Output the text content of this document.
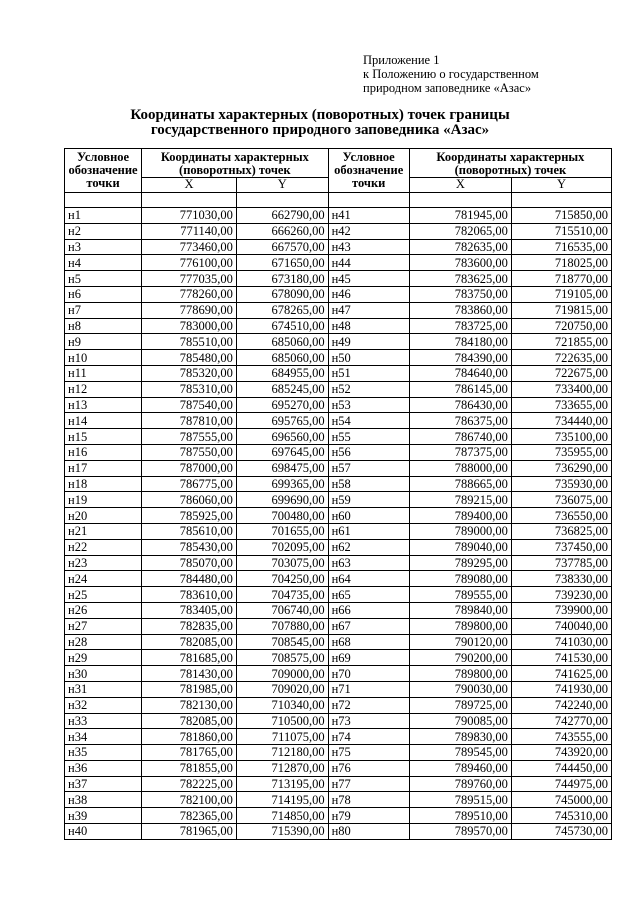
Приложение 1
к Положению о государственном
природном заповеднике «Азас»
Координаты характерных (поворотных) точек границы
государственного природного заповедника «Азас»
Условное обозначение точки	Координаты характерных (поворотных) точек		Условное обозначение точки	Координаты характерных (поворотных) точек	
	X	Y		X	Y

н1	771030,00	662790,00	н41	781945,00	715850,00
н2	771140,00	666260,00	н42	782065,00	715510,00
н3	773460,00	667570,00	н43	782635,00	716535,00
н4	776100,00	671650,00	н44	783600,00	718025,00
н5	777035,00	673180,00	н45	783625,00	718770,00
н6	778260,00	678090,00	н46	783750,00	719105,00
н7	778690,00	678265,00	н47	783860,00	719815,00
н8	783000,00	674510,00	н48	783725,00	720750,00
н9	785510,00	685060,00	н49	784180,00	721855,00
н10	785480,00	685060,00	н50	784390,00	722635,00
н11	785320,00	684955,00	н51	784640,00	722675,00
н12	785310,00	685245,00	н52	786145,00	733400,00
н13	787540,00	695270,00	н53	786430,00	733655,00
н14	787810,00	695765,00	н54	786375,00	734440,00
н15	787555,00	696560,00	н55	786740,00	735100,00
н16	787550,00	697645,00	н56	787375,00	735955,00
н17	787000,00	698475,00	н57	788000,00	736290,00
н18	786775,00	699365,00	н58	788665,00	735930,00
н19	786060,00	699690,00	н59	789215,00	736075,00
н20	785925,00	700480,00	н60	789400,00	736550,00
н21	785610,00	701655,00	н61	789000,00	736825,00
н22	785430,00	702095,00	н62	789040,00	737450,00
н23	785070,00	703075,00	н63	789295,00	737785,00
н24	784480,00	704250,00	н64	789080,00	738330,00
н25	783610,00	704735,00	н65	789555,00	739230,00
н26	783405,00	706740,00	н66	789840,00	739900,00
н27	782835,00	707880,00	н67	789800,00	740040,00
н28	782085,00	708545,00	н68	790120,00	741030,00
н29	781685,00	708575,00	н69	790200,00	741530,00
н30	781430,00	709000,00	н70	789800,00	741625,00
н31	781985,00	709020,00	н71	790030,00	741930,00
н32	782130,00	710340,00	н72	789725,00	742240,00
н33	782085,00	710500,00	н73	790085,00	742770,00
н34	781860,00	711075,00	н74	789830,00	743555,00
н35	781765,00	712180,00	н75	789545,00	743920,00
н36	781855,00	712870,00	н76	789460,00	744450,00
н37	782225,00	713195,00	н77	789760,00	744975,00
н38	782100,00	714195,00	н78	789515,00	745000,00
н39	782365,00	714850,00	н79	789510,00	745310,00
н40	781965,00	715390,00	н80	789570,00	745730,00
